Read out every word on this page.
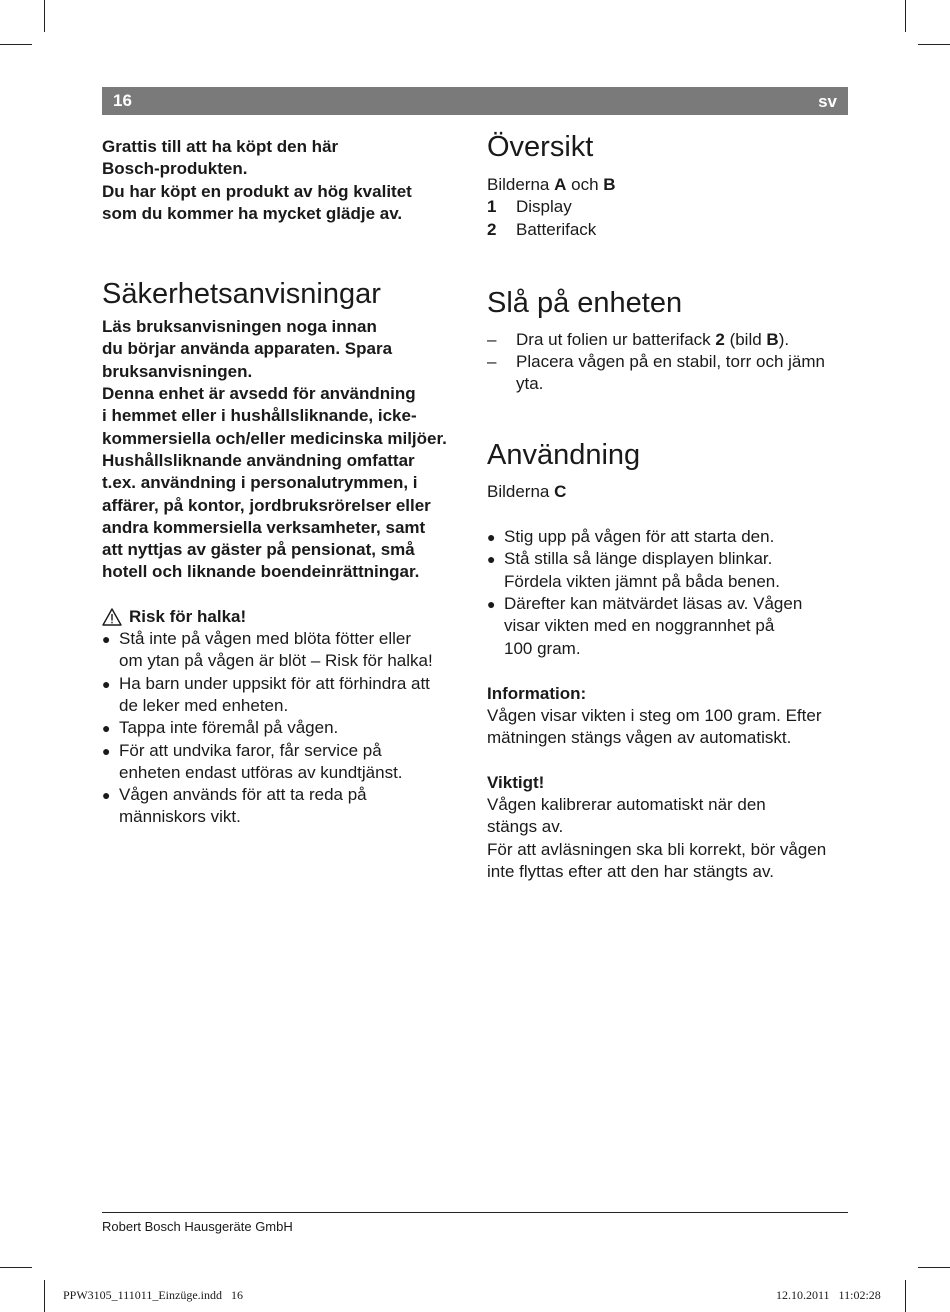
16	sv

Grattis till att ha köpt den här

Bosch-produkten.

Du har köpt en produkt av hög kvalitet

som du kommer ha mycket glädje av.

Säkerhetsanvisningar

Läs bruksanvisningen noga innan

du börjar använda apparaten. Spara

bruksanvisningen.

Denna enhet är avsedd för användning

i hemmet eller i hushållsliknande, icke-

kommersiella och/eller medicinska miljöer.

Hushållsliknande användning omfattar

t.ex. användning i personalutrymmen, i

affärer, på kontor, jordbruksrörelser eller

andra kommersiella verksamheter, samt

att nyttjas av gäster på pensionat, små

hotell och liknande boendeinrättningar.

Risk för halka!

● Stå inte på vågen med blöta fötter eller

om ytan på vågen är blöt – Risk för halka!

● Ha barn under uppsikt för att förhindra att

de leker med enheten.

● Tappa inte föremål på vågen.

● För att undvika faror, får service på

enheten endast utföras av kundtjänst.

● Vågen används för att ta reda på

människors vikt.

Översikt

Bilderna A och B

1	Display
2	Batterifack
Slå på enheten
– Dra ut folien ur batterifack 2 (bild B).

– Placera vågen på en stabil, torr och jämn

yta.

Användning

Bilderna C

● Stig upp på vågen för att starta den.

● Stå stilla så länge displayen blinkar.

Fördela vikten jämnt på båda benen.

● Därefter kan mätvärdet läsas av. Vågen

visar vikten med en noggrannhet på

100 gram.

Information:

Vågen visar vikten i steg om 100 gram. Efter

mätningen stängs vågen av automatiskt.

Viktigt!

Vågen kalibrerar automatiskt när den

stängs av.

För att avläsningen ska bli korrekt, bör vågen

inte flyttas efter att den har stängts av.

Robert Bosch Hausgeräte GmbH
PPW3105_111011_Einzüge.indd   16	12.10.2011   11:02:28
